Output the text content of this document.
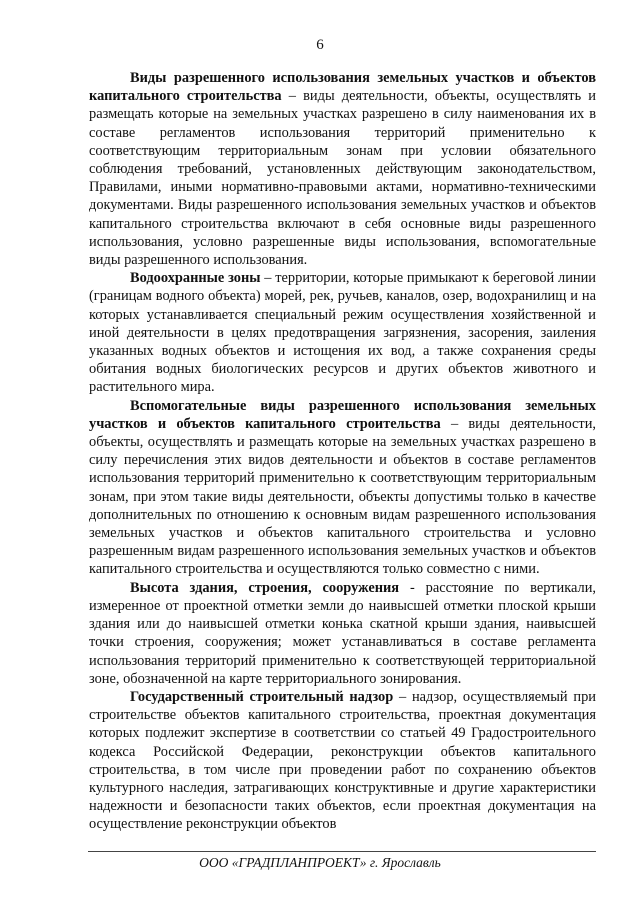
6

Виды разрешенного использования земельных участков и объектов капитального строительства – виды деятельности, объекты, осуществлять и размещать которые на земельных участках разрешено в силу наименования их в составе регламентов использования территорий применительно к соответствующим территориальным зонам при условии обязательного соблюдения требований, установленных действующим законодательством, Правилами, иными нормативно-правовыми актами, нормативно-техническими документами. Виды разрешенного использования земельных участков и объектов капитального строительства включают в себя основные виды разрешенного использования, условно разрешенные виды использования, вспомогательные виды разрешенного использования.

Водоохранные зоны – территории, которые примыкают к береговой линии (границам водного объекта) морей, рек, ручьев, каналов, озер, водохранилищ и на которых устанавливается специальный режим осуществления хозяйственной и иной деятельности в целях предотвращения загрязнения, засорения, заиления указанных водных объектов и истощения их вод, а также сохранения среды обитания водных биологических ресурсов и других объектов животного и растительного мира.

Вспомогательные виды разрешенного использования земельных участков и объектов капитального строительства – виды деятельности, объекты, осуществлять и размещать которые на земельных участках разрешено в силу перечисления этих видов деятельности и объектов в составе регламентов использования территорий применительно к соответствующим территориальным зонам, при этом такие виды деятельности, объекты допустимы только в качестве дополнительных по отношению к основным видам разрешенного использования земельных участков и объектов капитального строительства и условно разрешенным видам разрешенного использования земельных участков и объектов капитального строительства и осуществляются только совместно с ними.

Высота здания, строения, сооружения - расстояние по вертикали, измеренное от проектной отметки земли до наивысшей отметки плоской крыши здания или до наивысшей отметки конька скатной крыши здания, наивысшей точки строения, сооружения; может устанавливаться в составе регламента использования территорий применительно к соответствующей территориальной зоне, обозначенной на карте территориального зонирования.

Государственный строительный надзор – надзор, осуществляемый при строительстве объектов капитального строительства, проектная документация которых подлежит экспертизе в соответствии со статьей 49 Градостроительного кодекса Российской Федерации, реконструкции объектов капитального строительства, в том числе при проведении работ по сохранению объектов культурного наследия, затрагивающих конструктивные и другие характеристики надежности и безопасности таких объектов, если проектная документация на осуществление реконструкции объектов

ООО «ГРАДПЛАНПРОЕКТ» г. Ярославль
